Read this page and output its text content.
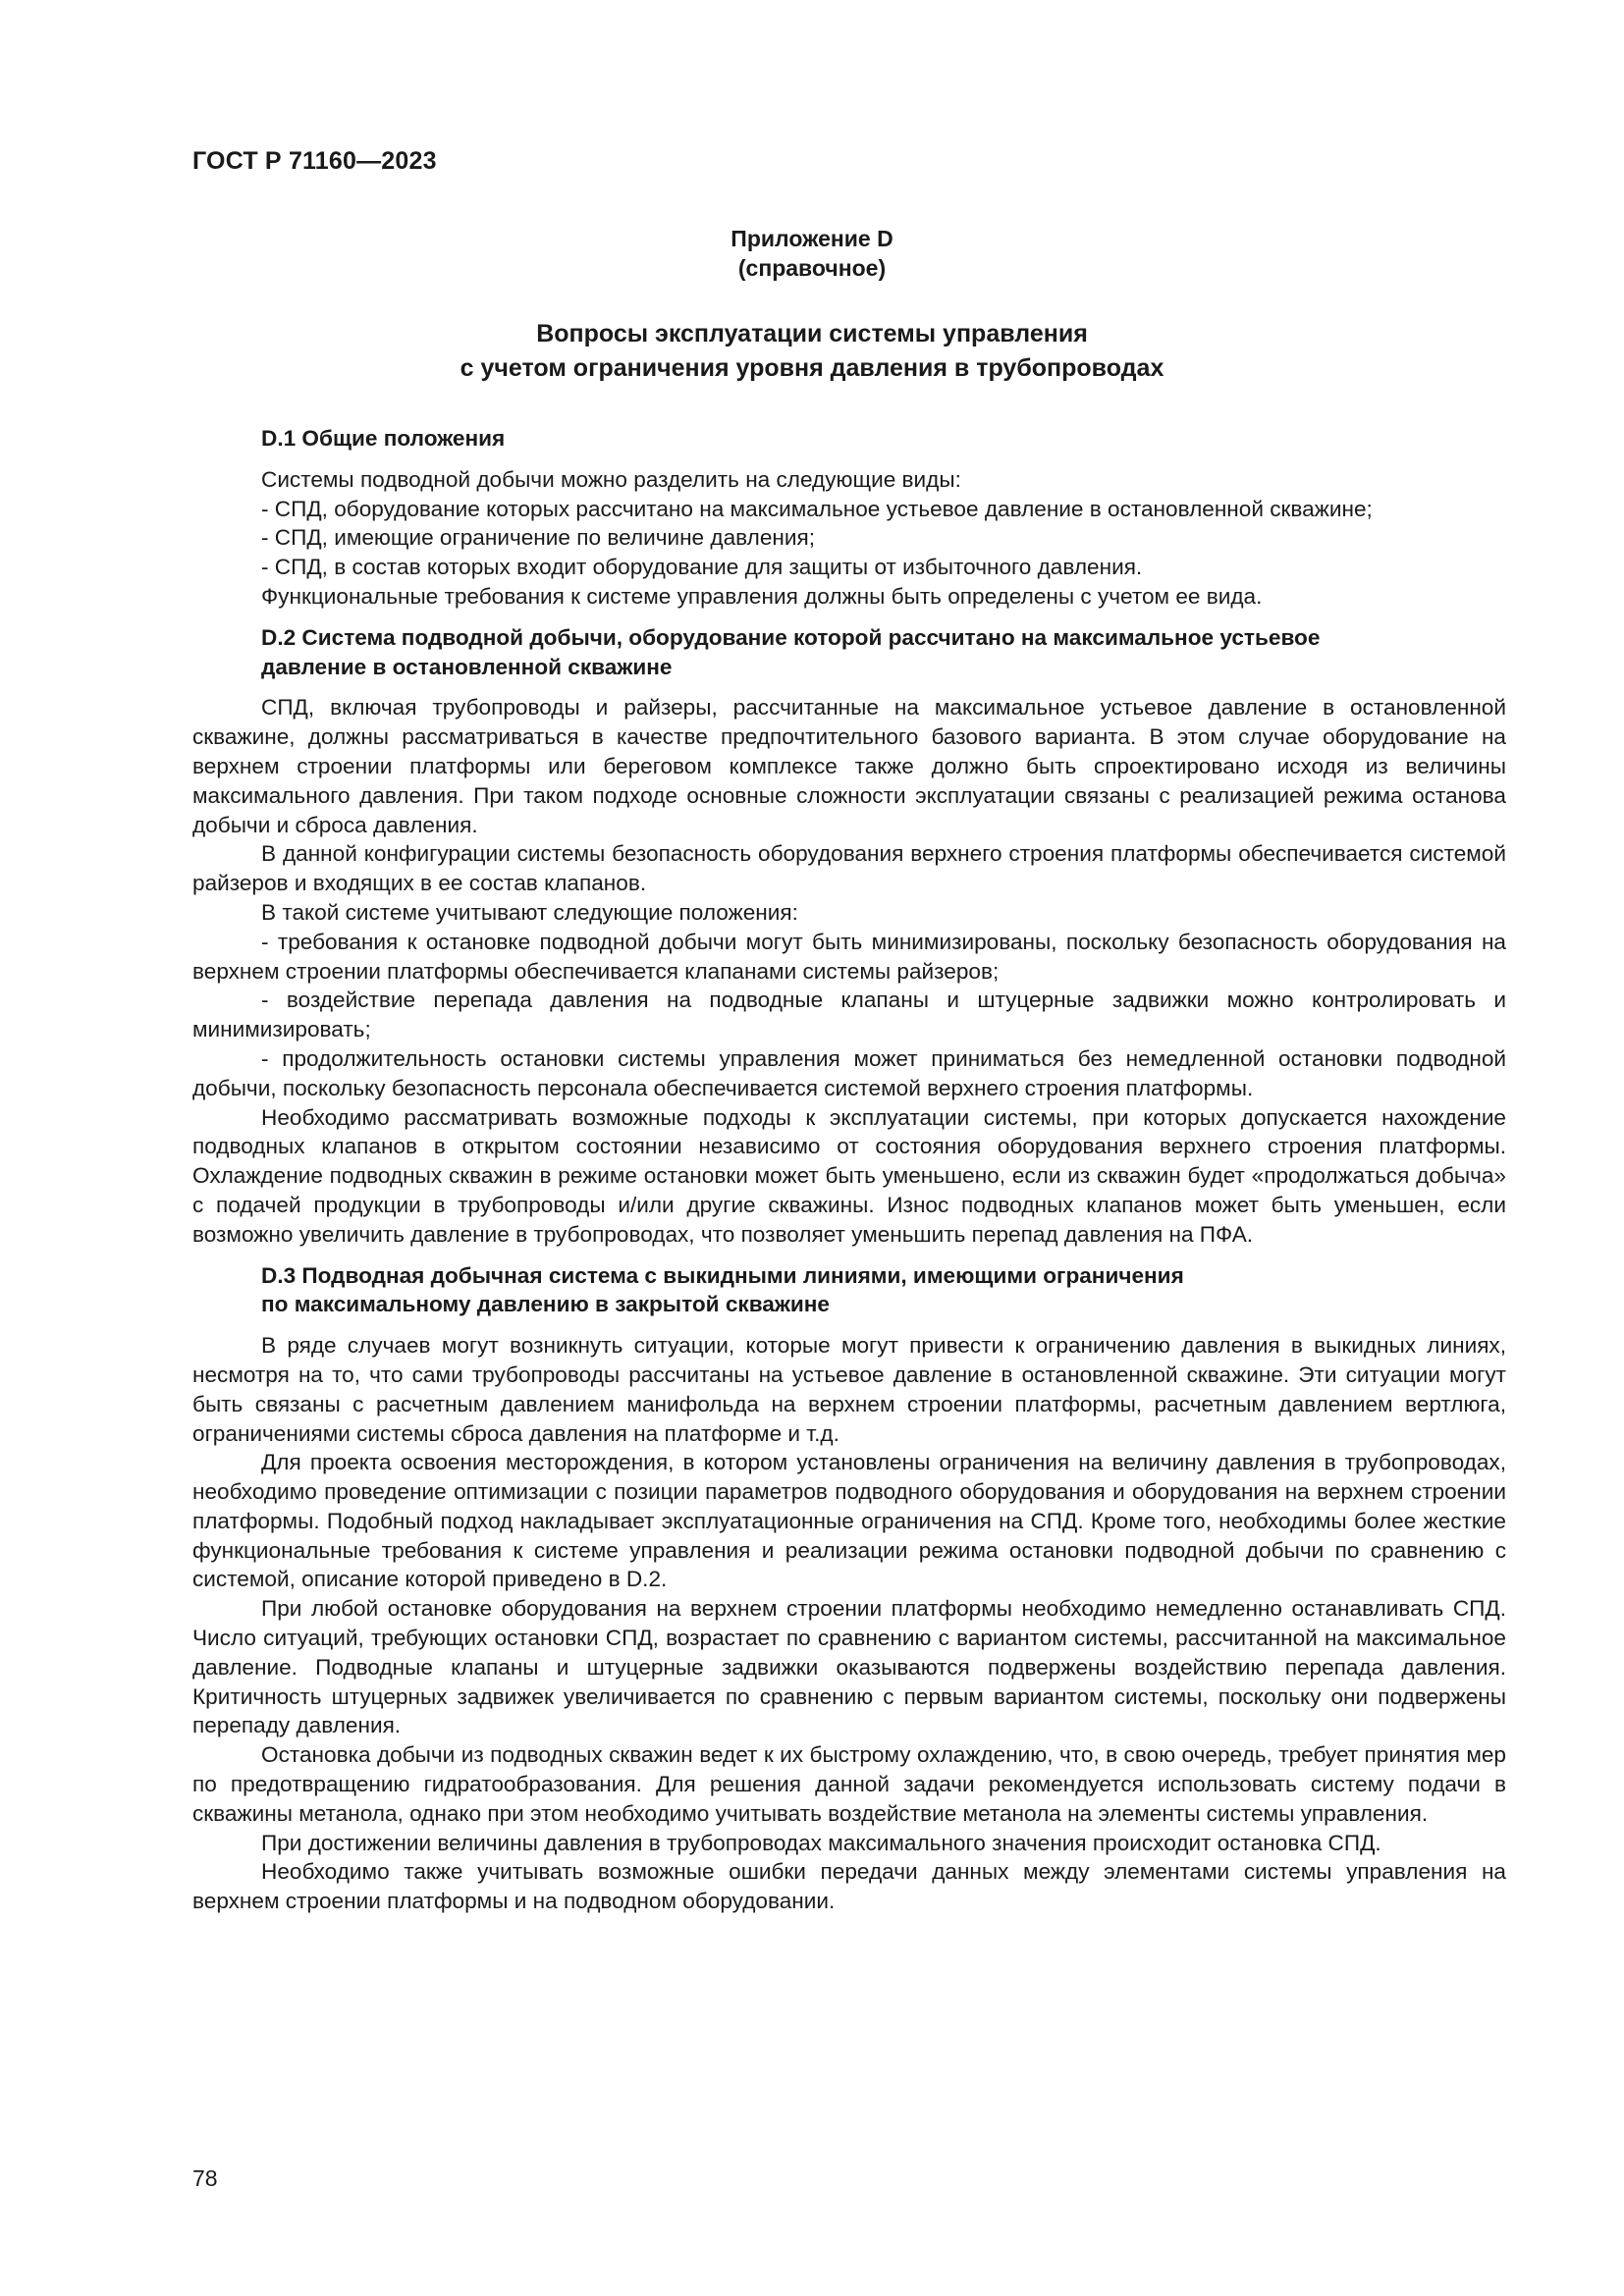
ГОСТ Р 71160—2023
Приложение D
(справочное)
Вопросы эксплуатации системы управления
с учетом ограничения уровня давления в трубопроводах
D.1 Общие положения

Системы подводной добычи можно разделить на следующие виды:

- СПД, оборудование которых рассчитано на максимальное устьевое давление в остановленной скважине;

- СПД, имеющие ограничение по величине давления;

- СПД, в состав которых входит оборудование для защиты от избыточного давления.

Функциональные требования к системе управления должны быть определены с учетом ее вида.

D.2 Система подводной добычи, оборудование которой рассчитано на максимальное устьевое
давление в остановленной скважине

СПД, включая трубопроводы и райзеры, рассчитанные на максимальное устьевое давление в остановленной скважине, должны рассматриваться в качестве предпочтительного базового варианта. В этом случае оборудование на верхнем строении платформы или береговом комплексе также должно быть спроектировано исходя из величины максимального давления. При таком подходе основные сложности эксплуатации связаны с реализацией режима останова добычи и сброса давления.

В данной конфигурации системы безопасность оборудования верхнего строения платформы обеспечивается системой райзеров и входящих в ее состав клапанов.

В такой системе учитывают следующие положения:

- требования к остановке подводной добычи могут быть минимизированы, поскольку безопасность оборудования на верхнем строении платформы обеспечивается клапанами системы райзеров;

- воздействие перепада давления на подводные клапаны и штуцерные задвижки можно контролировать и минимизировать;

- продолжительность остановки системы управления может приниматься без немедленной остановки подводной добычи, поскольку безопасность персонала обеспечивается системой верхнего строения платформы.

Необходимо рассматривать возможные подходы к эксплуатации системы, при которых допускается нахождение подводных клапанов в открытом состоянии независимо от состояния оборудования верхнего строения платформы. Охлаждение подводных скважин в режиме остановки может быть уменьшено, если из скважин будет «продолжаться добыча» с подачей продукции в трубопроводы и/или другие скважины. Износ подводных клапанов может быть уменьшен, если возможно увеличить давление в трубопроводах, что позволяет уменьшить перепад давления на ПФА.

D.3 Подводная добычная система с выкидными линиями, имеющими ограничения
по максимальному давлению в закрытой скважине

В ряде случаев могут возникнуть ситуации, которые могут привести к ограничению давления в выкидных линиях, несмотря на то, что сами трубопроводы рассчитаны на устьевое давление в остановленной скважине. Эти ситуации могут быть связаны с расчетным давлением манифольда на верхнем строении платформы, расчетным давлением вертлюга, ограничениями системы сброса давления на платформе и т.д.

Для проекта освоения месторождения, в котором установлены ограничения на величину давления в трубопроводах, необходимо проведение оптимизации с позиции параметров подводного оборудования и оборудования на верхнем строении платформы. Подобный подход накладывает эксплуатационные ограничения на СПД. Кроме того, необходимы более жесткие функциональные требования к системе управления и реализации режима остановки подводной добычи по сравнению с системой, описание которой приведено в D.2.

При любой остановке оборудования на верхнем строении платформы необходимо немедленно останавливать СПД. Число ситуаций, требующих остановки СПД, возрастает по сравнению с вариантом системы, рассчитанной на максимальное давление. Подводные клапаны и штуцерные задвижки оказываются подвержены воздействию перепада давления. Критичность штуцерных задвижек увеличивается по сравнению с первым вариантом системы, поскольку они подвержены перепаду давления.

Остановка добычи из подводных скважин ведет к их быстрому охлаждению, что, в свою очередь, требует принятия мер по предотвращению гидратообразования. Для решения данной задачи рекомендуется использовать систему подачи в скважины метанола, однако при этом необходимо учитывать воздействие метанола на элементы системы управления.

При достижении величины давления в трубопроводах максимального значения происходит остановка СПД.

Необходимо также учитывать возможные ошибки передачи данных между элементами системы управления на верхнем строении платформы и на подводном оборудовании.

78
